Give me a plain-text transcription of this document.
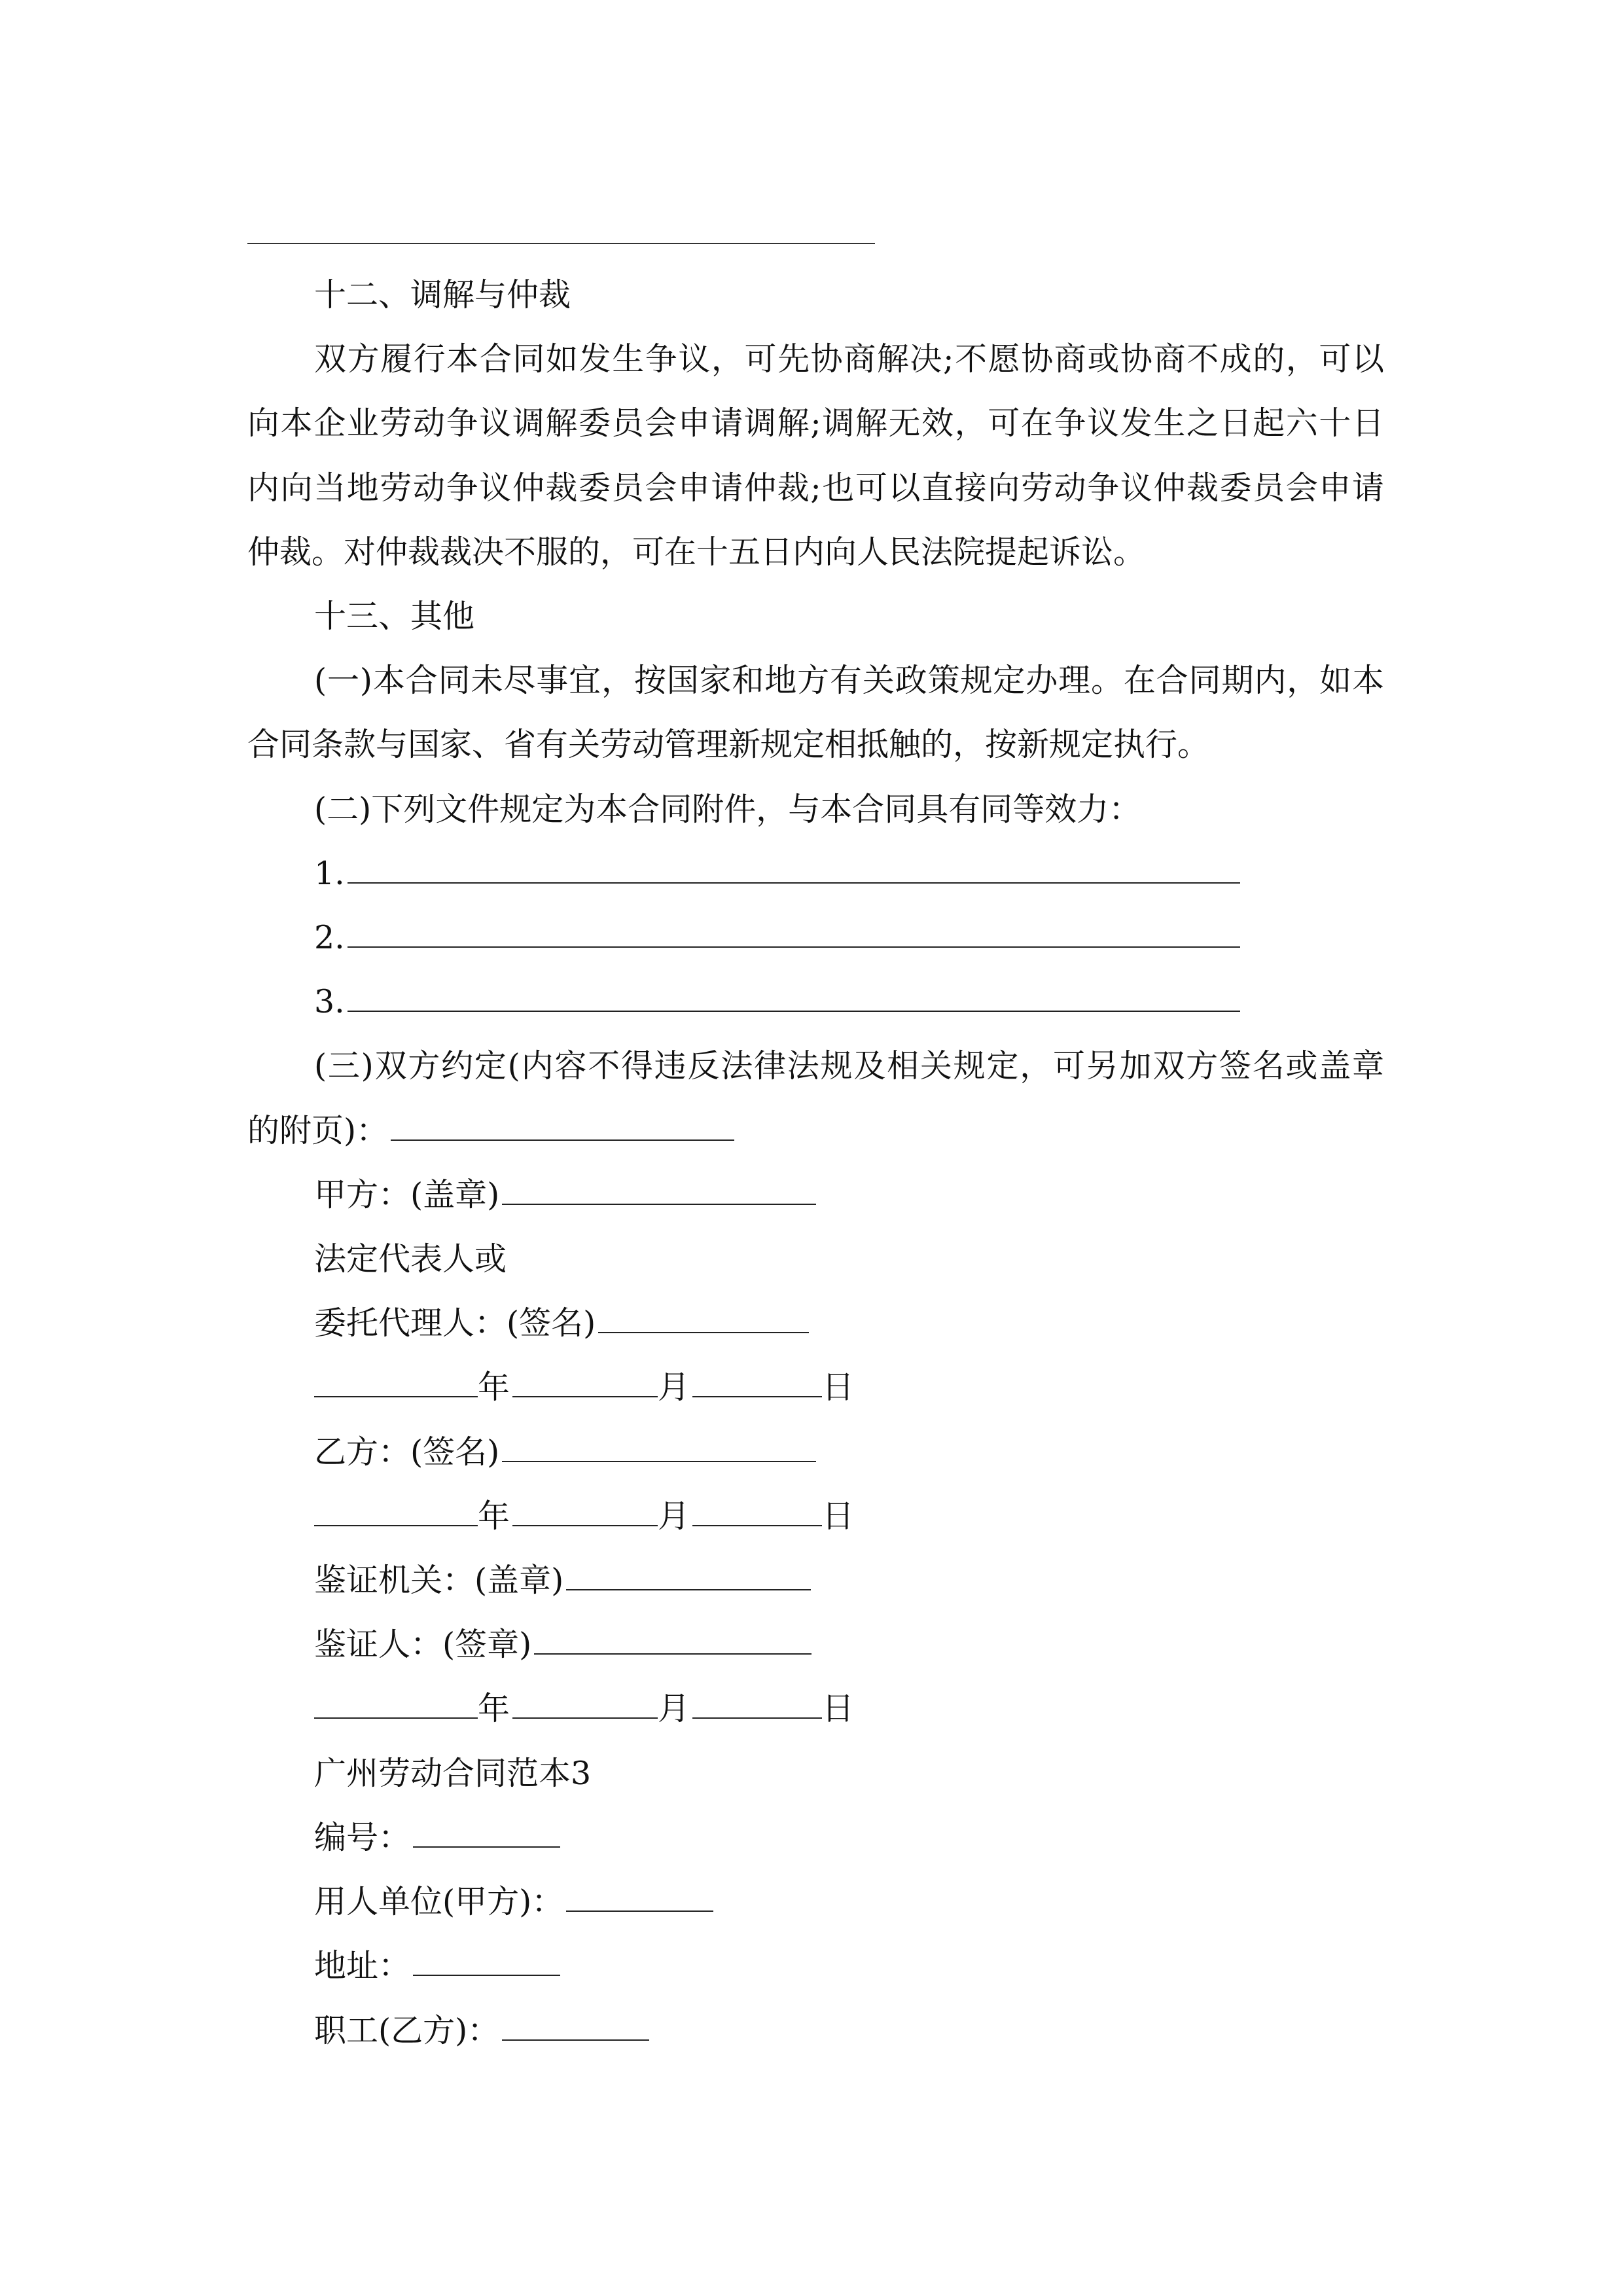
十二、调解与仲裁
双方履行本合同如发生争议，可先协商解决;不愿协商或协商不成的，可以
向本企业劳动争议调解委员会申请调解;调解无效，可在争议发生之日起六十日
内向当地劳动争议仲裁委员会申请仲裁;也可以直接向劳动争议仲裁委员会申请
仲裁。对仲裁裁决不服的，可在十五日内向人民法院提起诉讼。
十三、其他
(一)本合同未尽事宜，按国家和地方有关政策规定办理。在合同期内，如本
合同条款与国家、省有关劳动管理新规定相抵触的，按新规定执行。
(二)下列文件规定为本合同附件，与本合同具有同等效力：
1.
2.
3.
(三)双方约定(内容不得违反法律法规及相关规定，可另加双方签名或盖章
的附页)：
甲方：(盖章)
法定代表人或
委托代理人：(签名)
年	月	日
乙方：(签名)
年	月	日
鉴证机关：(盖章)
鉴证人：(签章)
年	月	日
广州劳动合同范本3
编号：
用人单位(甲方)：
地址：
职工(乙方)：
